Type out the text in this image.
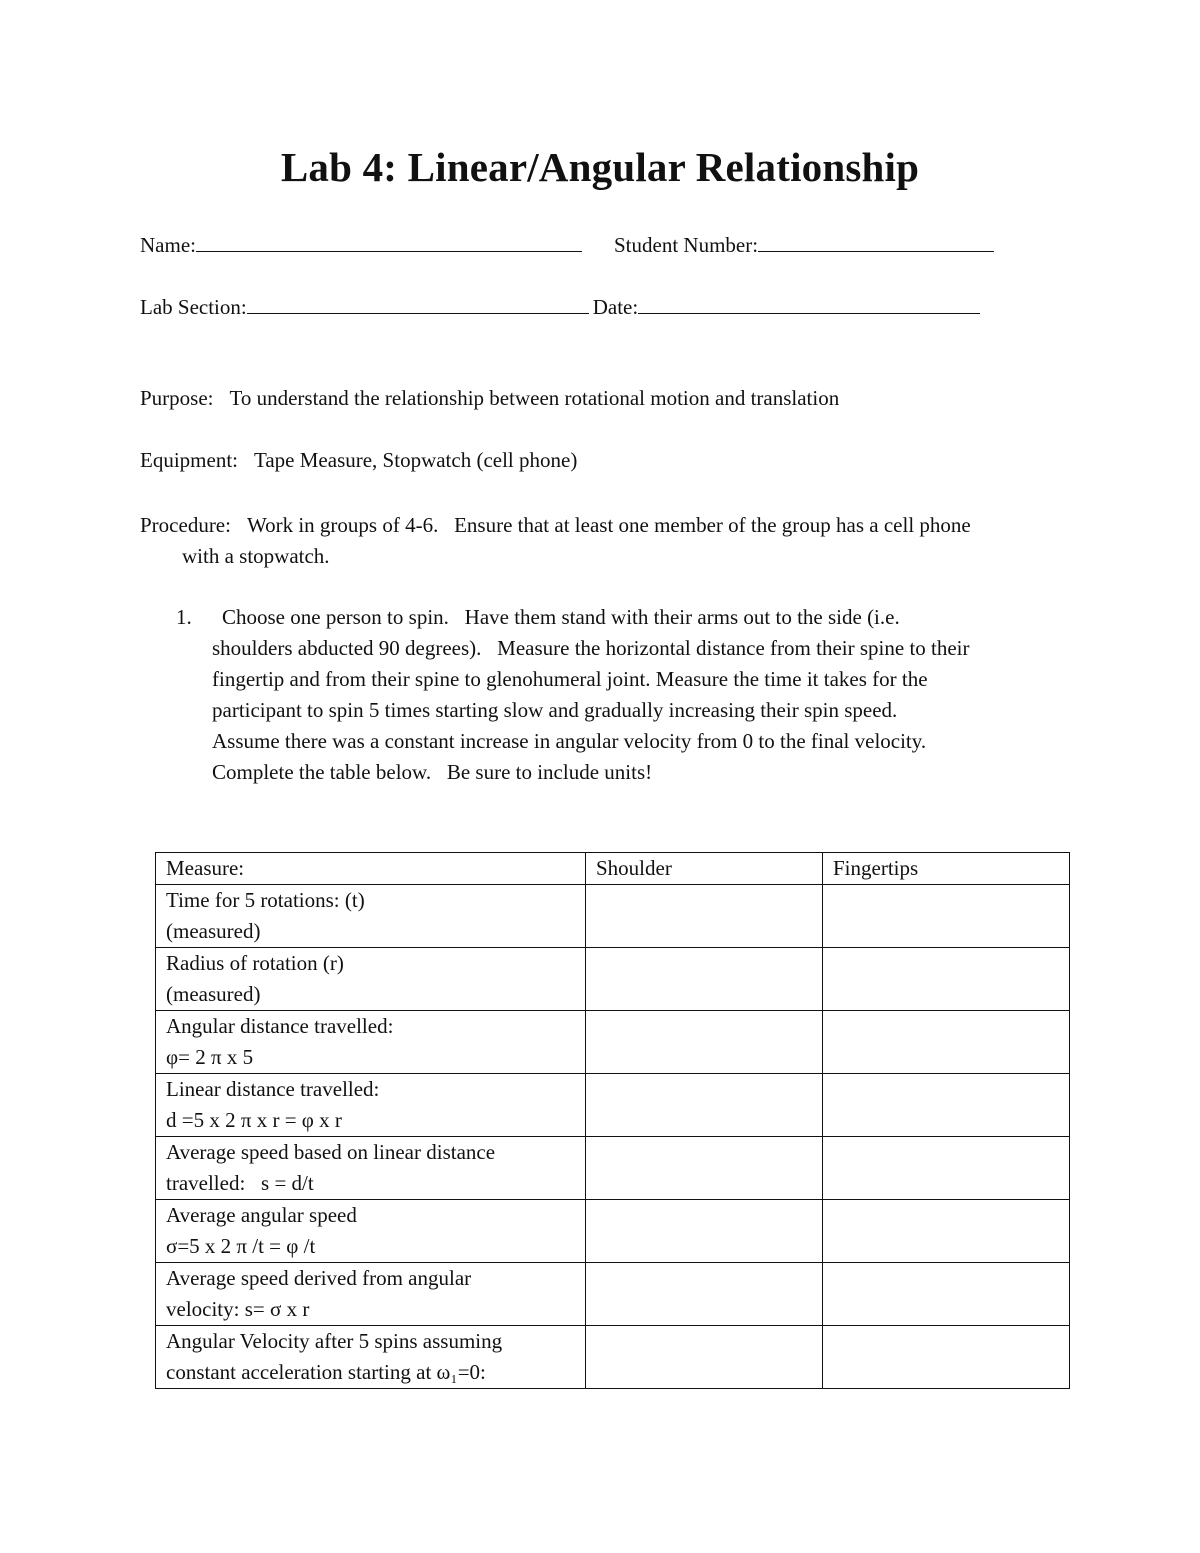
Lab 4: Linear/Angular Relationship
Name:	Student Number:
Lab Section:	Date:
Purpose: To understand the relationship between rotational motion and translation
Equipment: Tape Measure, Stopwatch (cell phone)
Procedure: Work in groups of 4-6.   Ensure that at least one member of the group has a cell phone
with a stopwatch.
1. Choose one person to spin.   Have them stand with their arms out to the side (i.e.
shoulders abducted 90 degrees).   Measure the horizontal distance from their spine to their
fingertip and from their spine to glenohumeral joint. Measure the time it takes for the
participant to spin 5 times starting slow and gradually increasing their spin speed.
Assume there was a constant increase in angular velocity from 0 to the final velocity.
Complete the table below.   Be sure to include units!
Measure:	Shoulder	Fingertips

Time for 5 rotations: (t)
(measured)		

Radius of rotation (r)
(measured)		

Angular distance travelled:
φ= 2 π x 5		

Linear distance travelled:
d =5 x 2 π x r = φ x r		

Average speed based on linear distance
travelled:   s = d/t		

Average angular speed
σ=5 x 2 π /t = φ /t		

Average speed derived from angular
velocity: s= σ x r		

Angular Velocity after 5 spins assuming
constant acceleration starting at ω₁=0:		
